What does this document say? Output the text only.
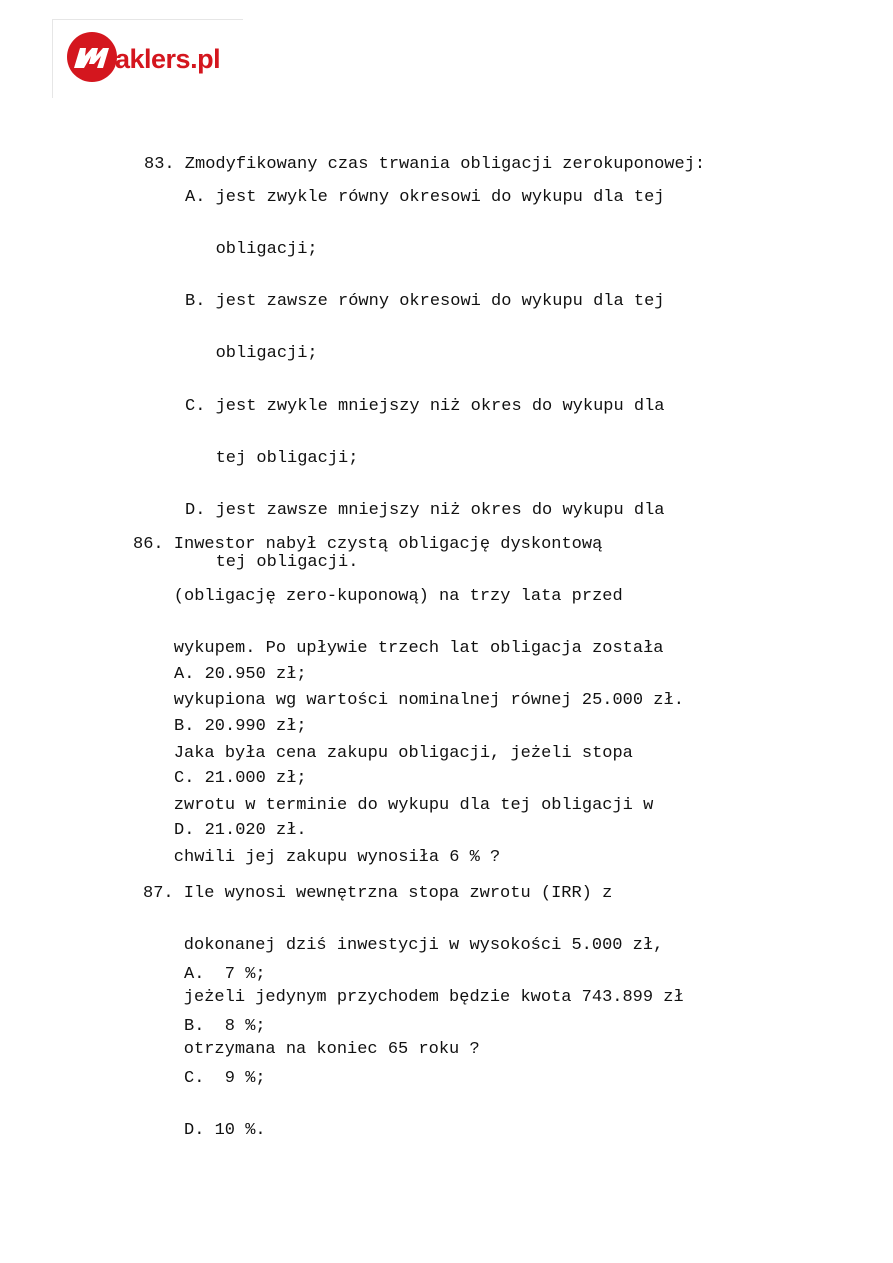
aklers.pl

83. Zmodyfikowany czas trwania obligacji zerokuponowej:

A. jest zwykle równy okresowi do wykupu dla tej

obligacji;

B. jest zawsze równy okresowi do wykupu dla tej

obligacji;

C. jest zwykle mniejszy niż okres do wykupu dla

tej obligacji;

D. jest zawsze mniejszy niż okres do wykupu dla

tej obligacji.

86. Inwestor nabył czystą obligację dyskontową

(obligację zero-kuponową) na trzy lata przed

wykupem. Po upływie trzech lat obligacja została

wykupiona wg wartości nominalnej równej 25.000 zł.

Jaka była cena zakupu obligacji, jeżeli stopa

zwrotu w terminie do wykupu dla tej obligacji w

chwili jej zakupu wynosiła 6 % ?

A. 20.950 zł;

B. 20.990 zł;

C. 21.000 zł;

D. 21.020 zł.

87. Ile wynosi wewnętrzna stopa zwrotu (IRR) z

dokonanej dziś inwestycji w wysokości 5.000 zł,

jeżeli jedynym przychodem będzie kwota 743.899 zł

otrzymana na koniec 65 roku ?

A.  7 %;

B.  8 %;

C.  9 %;

D. 10 %.
